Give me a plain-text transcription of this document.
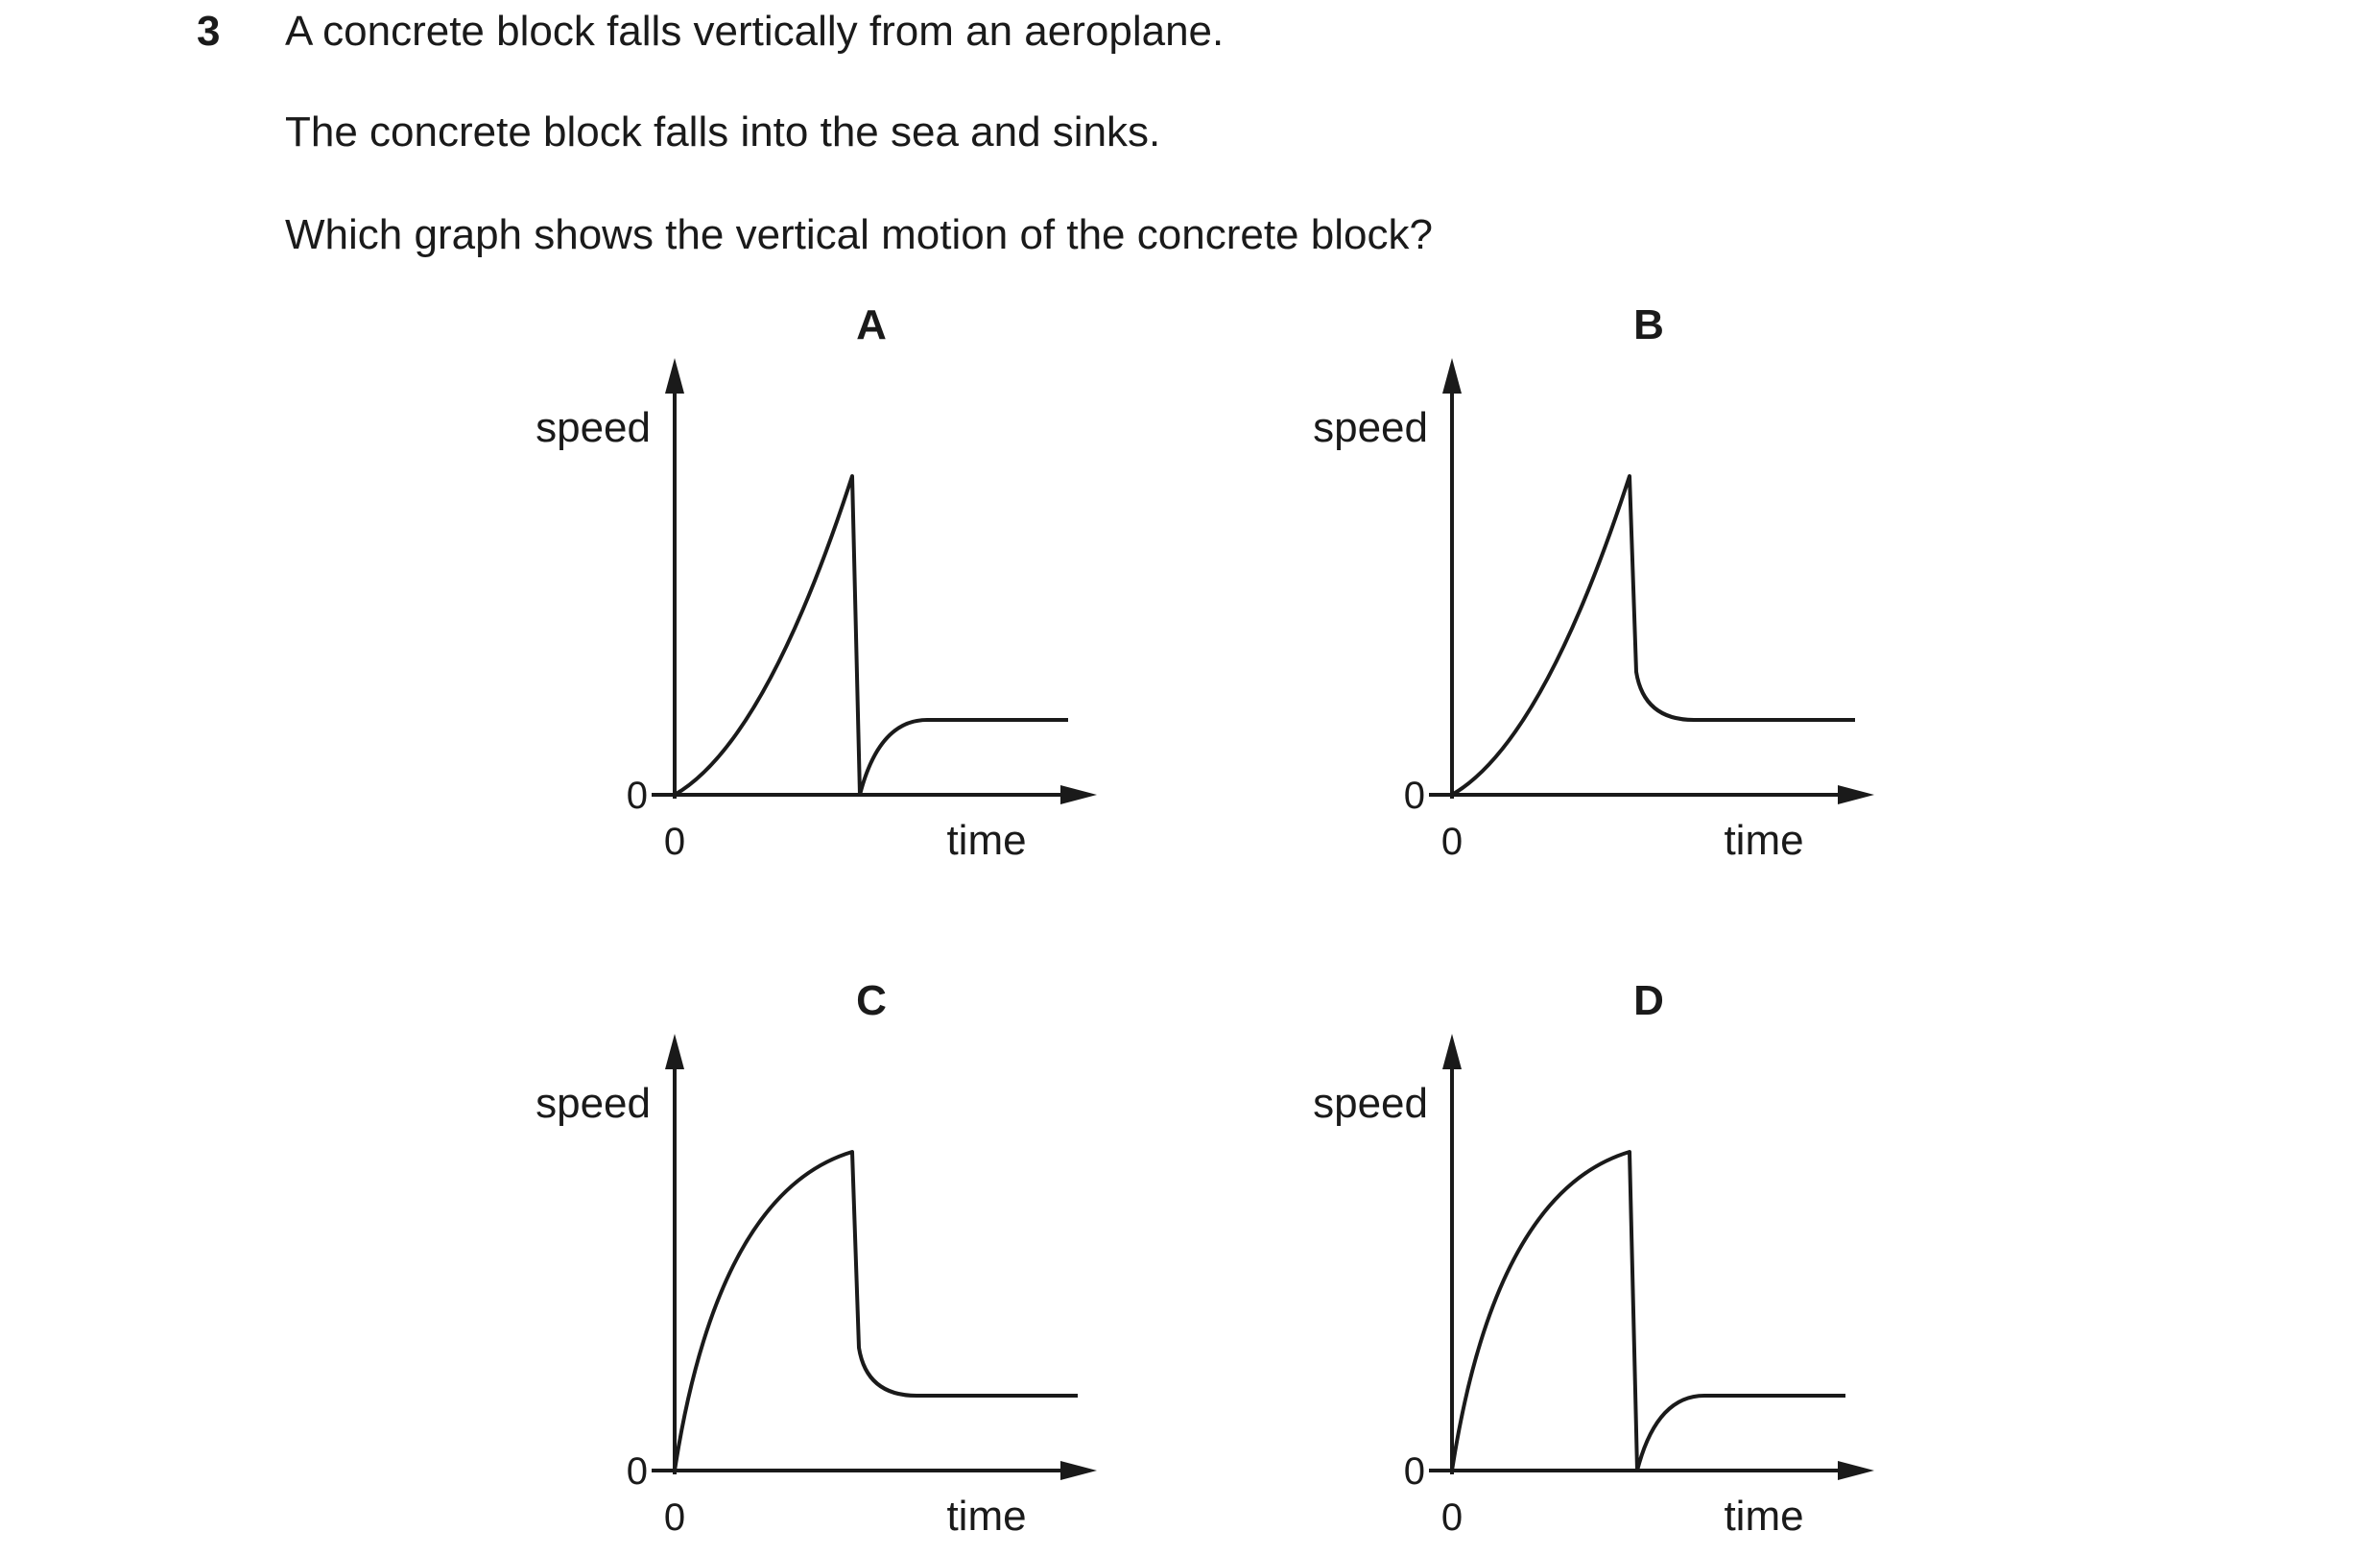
3 A concrete block falls vertically from an aeroplane.
The concrete block falls into the sea and sinks.
Which graph shows the vertical motion of the concrete block?
A
speed
time
0
0
B
speed
time
0
0
C
speed
time
0
0
D
speed
time
0
0
